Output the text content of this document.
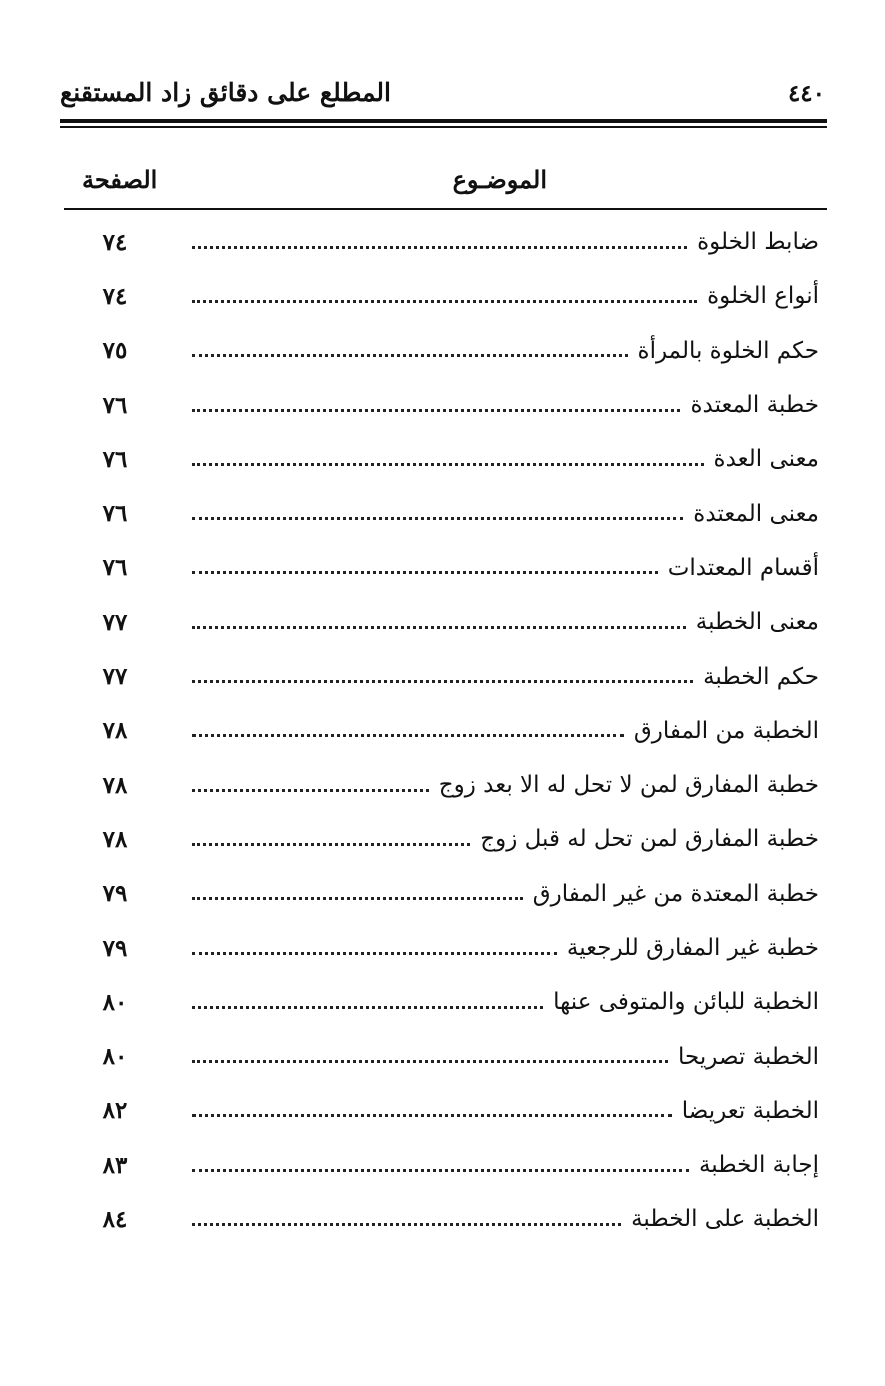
٤٤٠
المطلع على دقائق زاد المستقنع
الموضـوع
الصفحة
ضابط الخلوة
٧٤
أنواع الخلوة
٧٤
حكم الخلوة بالمرأة
٧٥
خطبة المعتدة
٧٦
معنى العدة
٧٦
معنى المعتدة
٧٦
أقسام المعتدات
٧٦
معنى الخطبة
٧٧
حكم الخطبة
٧٧
الخطبة من المفارق
٧٨
خطبة المفارق لمن لا تحل له الا بعد زوج
٧٨
خطبة المفارق لمن تحل له قبل زوج
٧٨
خطبة المعتدة من غير المفارق
٧٩
خطبة غير المفارق للرجعية
٧٩
الخطبة للبائن والمتوفى عنها
٨٠
الخطبة تصريحا
٨٠
الخطبة تعريضا
٨٢
إجابة الخطبة
٨٣
الخطبة على الخطبة
٨٤
